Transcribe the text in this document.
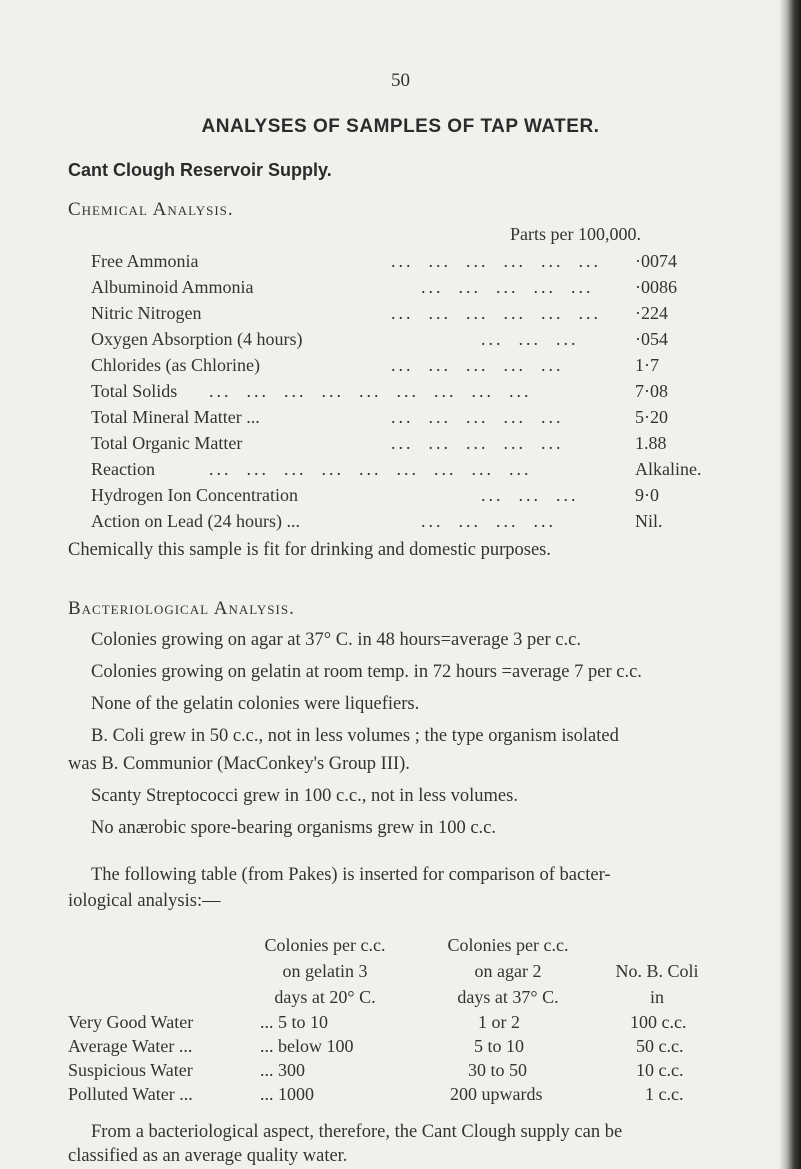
50
ANALYSES OF SAMPLES OF TAP WATER.
Cant Clough Reservoir Supply.
Chemical Analysis.
Parts per 100,000.
Free Ammonia	...  ...  ...  ...  ...  ... ·0074
Albuminoid Ammonia	...  ...  ...  ...  ... ·0086
Nitric Nitrogen	...  ...  ...  ...  ...  ... ·224
Oxygen Absorption (4 hours)	...  ...  ...	·054
Chlorides (as Chlorine)	...  ...  ...  ...  ...	1·7
Total Solids ...  ...  ...  ...  ...  ...  ...  ...  ...	7·08
Total Mineral Matter ...	...  ...  ...  ...  ...	5·20
Total Organic Matter	...  ...  ...  ...  ...	1.88
Reaction	...  ...  ...  ...  ...  ...  ...  ...  ...	Alkaline.
Hydrogen Ion Concentration	...  ...  ...	9·0
Action on Lead (24 hours) ...	...  ...  ...  ...	Nil.
Chemically this sample is fit for drinking and domestic purposes.
Bacteriological Analysis.
Colonies growing on agar at 37° C. in 48 hours=average 3 per c.c.
Colonies growing on gelatin at room temp. in 72 hours =average 7 per c.c.
None of the gelatin colonies were liquefiers.
B. Coli grew in 50 c.c., not in less volumes ; the type organism isolated
was B. Communior (MacConkey's Group III).
Scanty Streptococci grew in 100 c.c., not in less volumes.
No anærobic spore-bearing organisms grew in 100 c.c.
The following table (from Pakes) is inserted for comparison of bacter-
iological analysis:—
Colonies per c.c.
on gelatin 3
days at 20° C.
Colonies per c.c.
on agar 2
days at 37° C.
No. B. Coli
in
Very Good Water	... 5 to 10	1 or 2	100 c.c.
Average Water ...	... below 100	5 to 10	50 c.c.
Suspicious Water	... 300	30 to 50	10 c.c.
Polluted Water ...	... 1000	200 upwards	1 c.c.
From a bacteriological aspect, therefore, the Cant Clough supply can be
classified as an average quality water.
